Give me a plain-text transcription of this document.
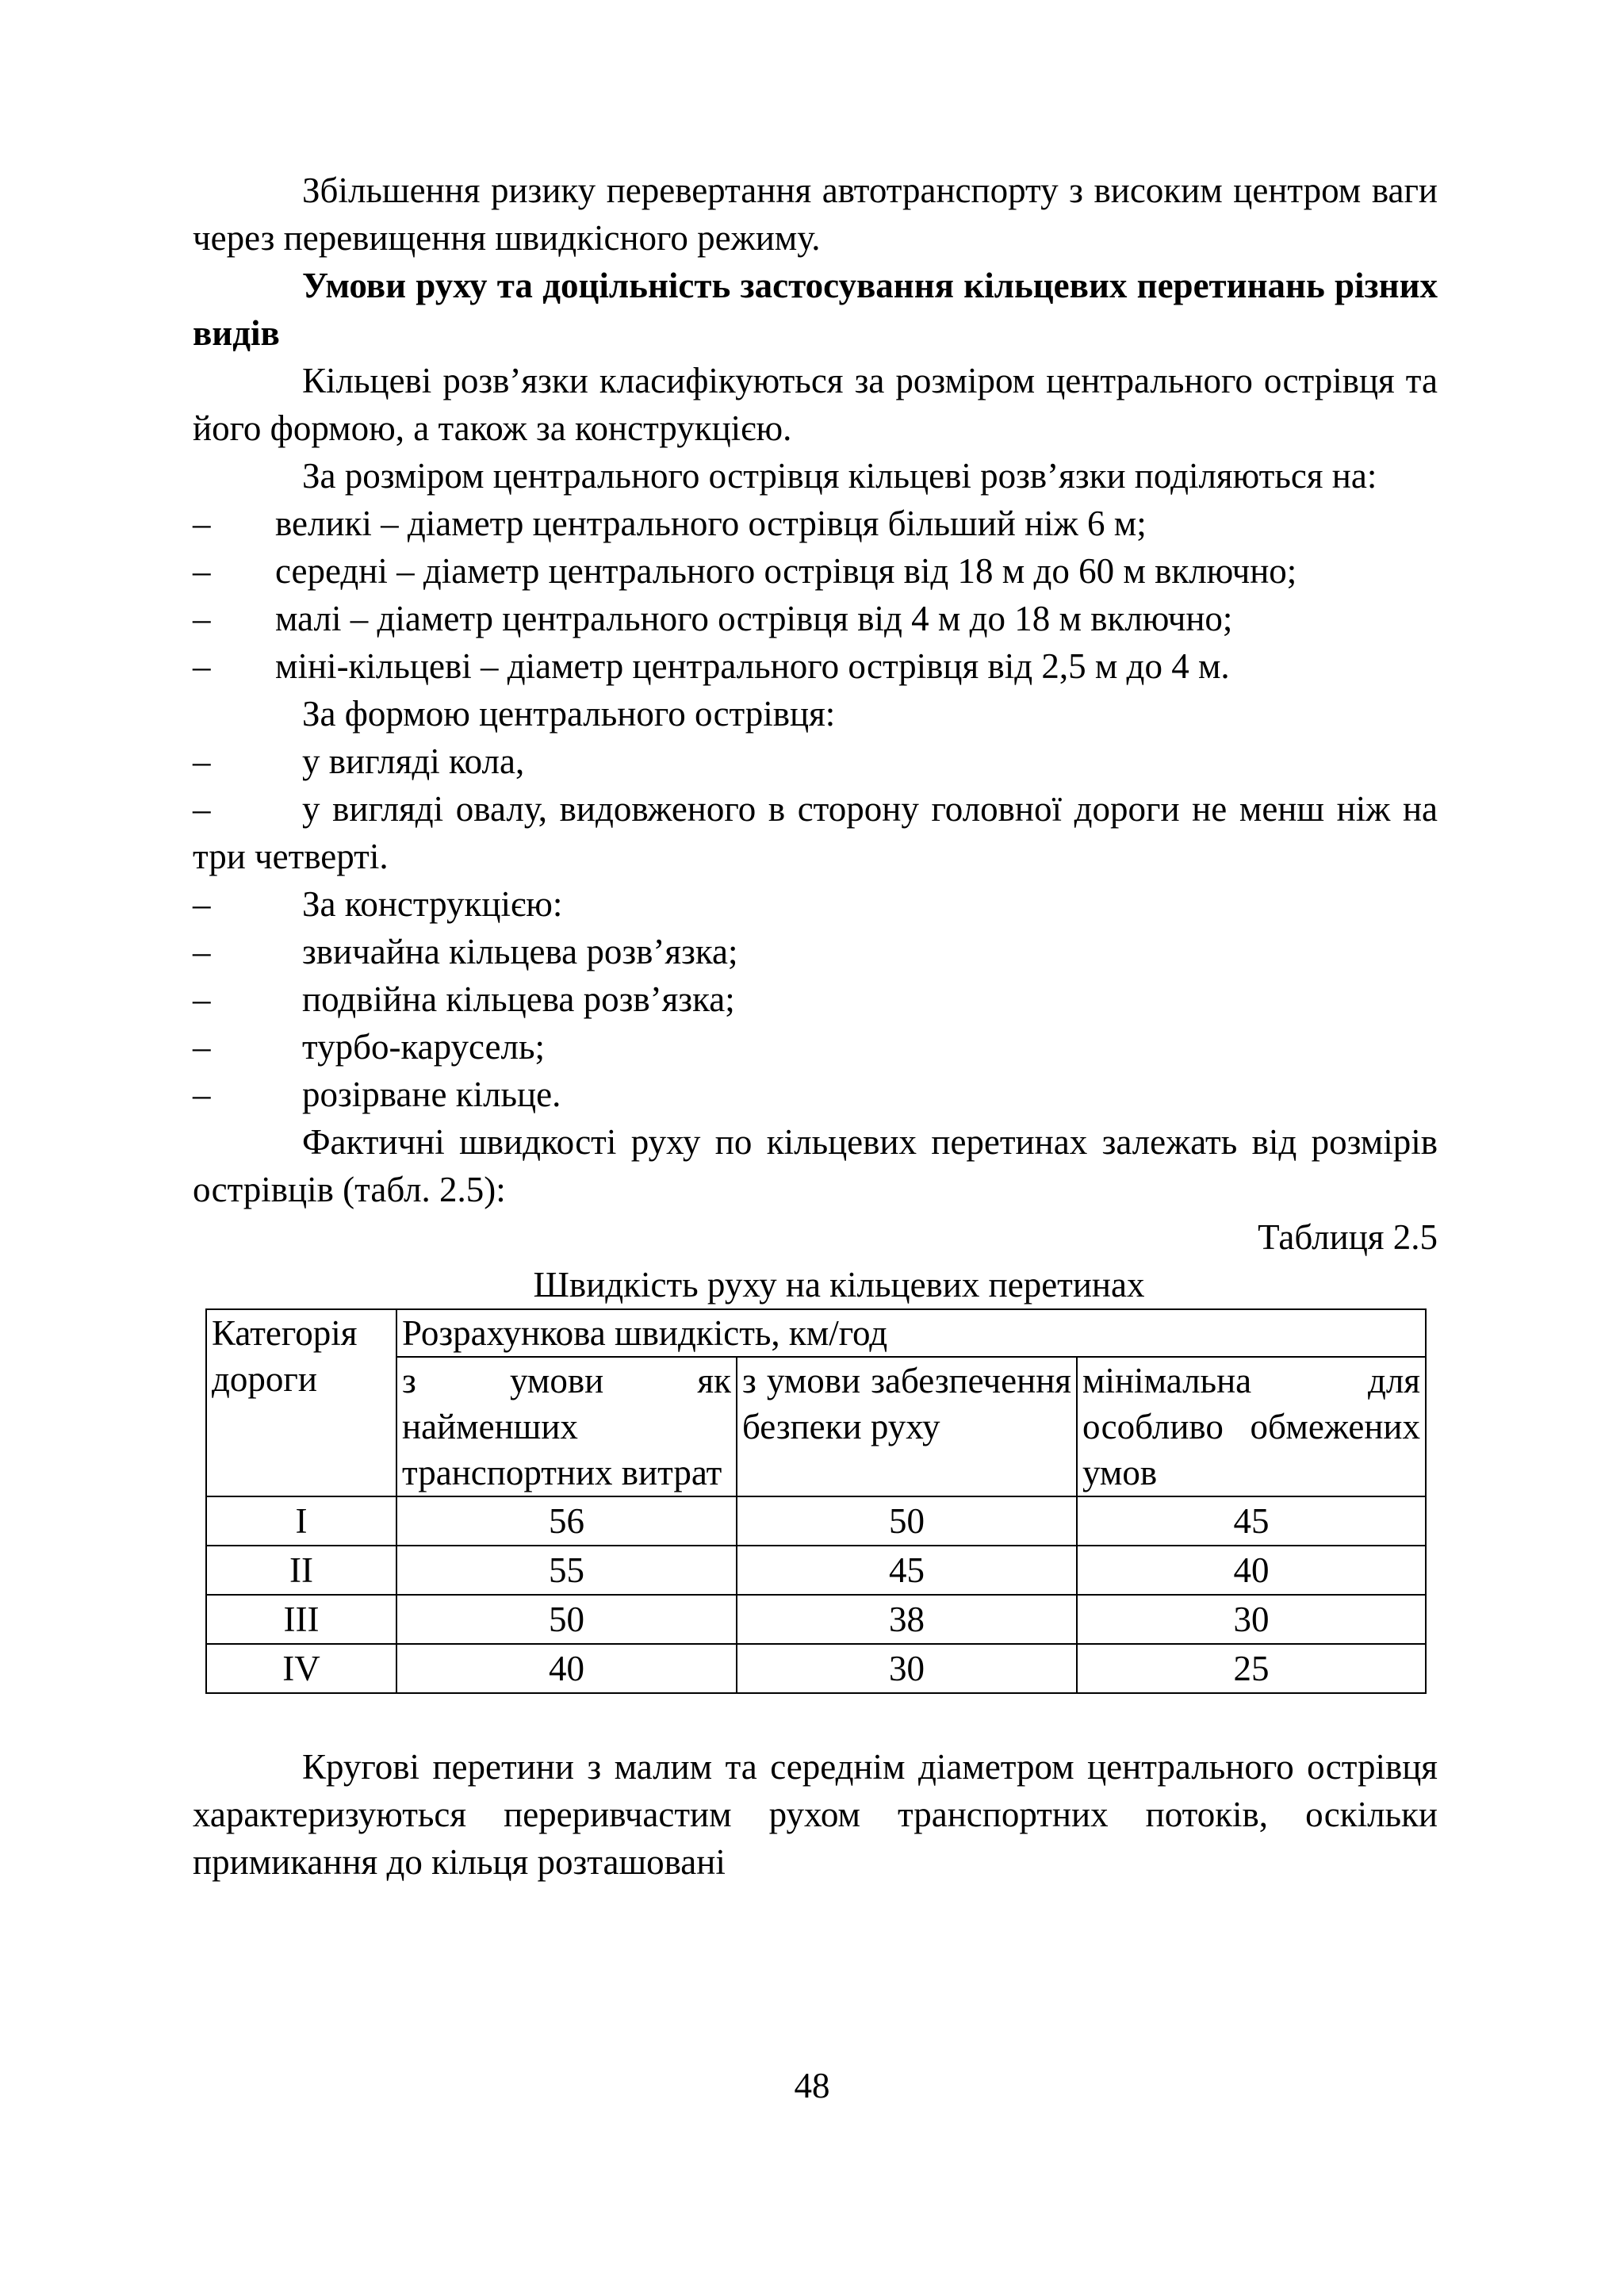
Збільшення ризику перевертання автотранспорту з високим центром ваги через перевищення швидкісного режиму.

Умови руху та доцільність застосування кільцевих перетинань різних видів

Кільцеві розв’язки класифікуються за розміром центрального острівця та його формою, а також за конструкцією.

За розміром центрального острівця кільцеві розв’язки поділяються на:

–	великі – діаметр центрального острівця більший ніж 6 м;

– середні – діаметр центрального острівця від 18 м до 60 м включно;

–	малі – діаметр центрального острівця від 4 м до 18 м включно;
–	міні-кільцеві – діаметр центрального острівця від 2,5 м до 4 м.

За формою центрального острівця:

–	у вигляді кола,

–	у вигляді овалу, видовженого в сторону головної дороги не менш ніж на три четверті.

–	За конструкцією:
–	звичайна кільцева розв’язка;
–	подвійна кільцева розв’язка;
–	турбо-карусель;
–	розірване кільце.

Фактичні швидкості руху по кільцевих перетинах залежать від розмірів острівців (табл. 2.5):

Таблиця 2.5

Швидкість руху на кільцевих перетинах

Категорія дороги	Розрахункова швидкість, км/год		
	з умови як найменших транспортних витрат	з умови забезпечення безпеки руху	мінімальна для особливо обмежених умов
I	56	50	45
II	55	45	40
III	50	38	30
IV	40	30	25

Кругові перетини з малим та середнім діаметром центрального острівця характеризуються переривчастим рухом транспортних потоків, оскільки примикання до кільця розташовані

48
